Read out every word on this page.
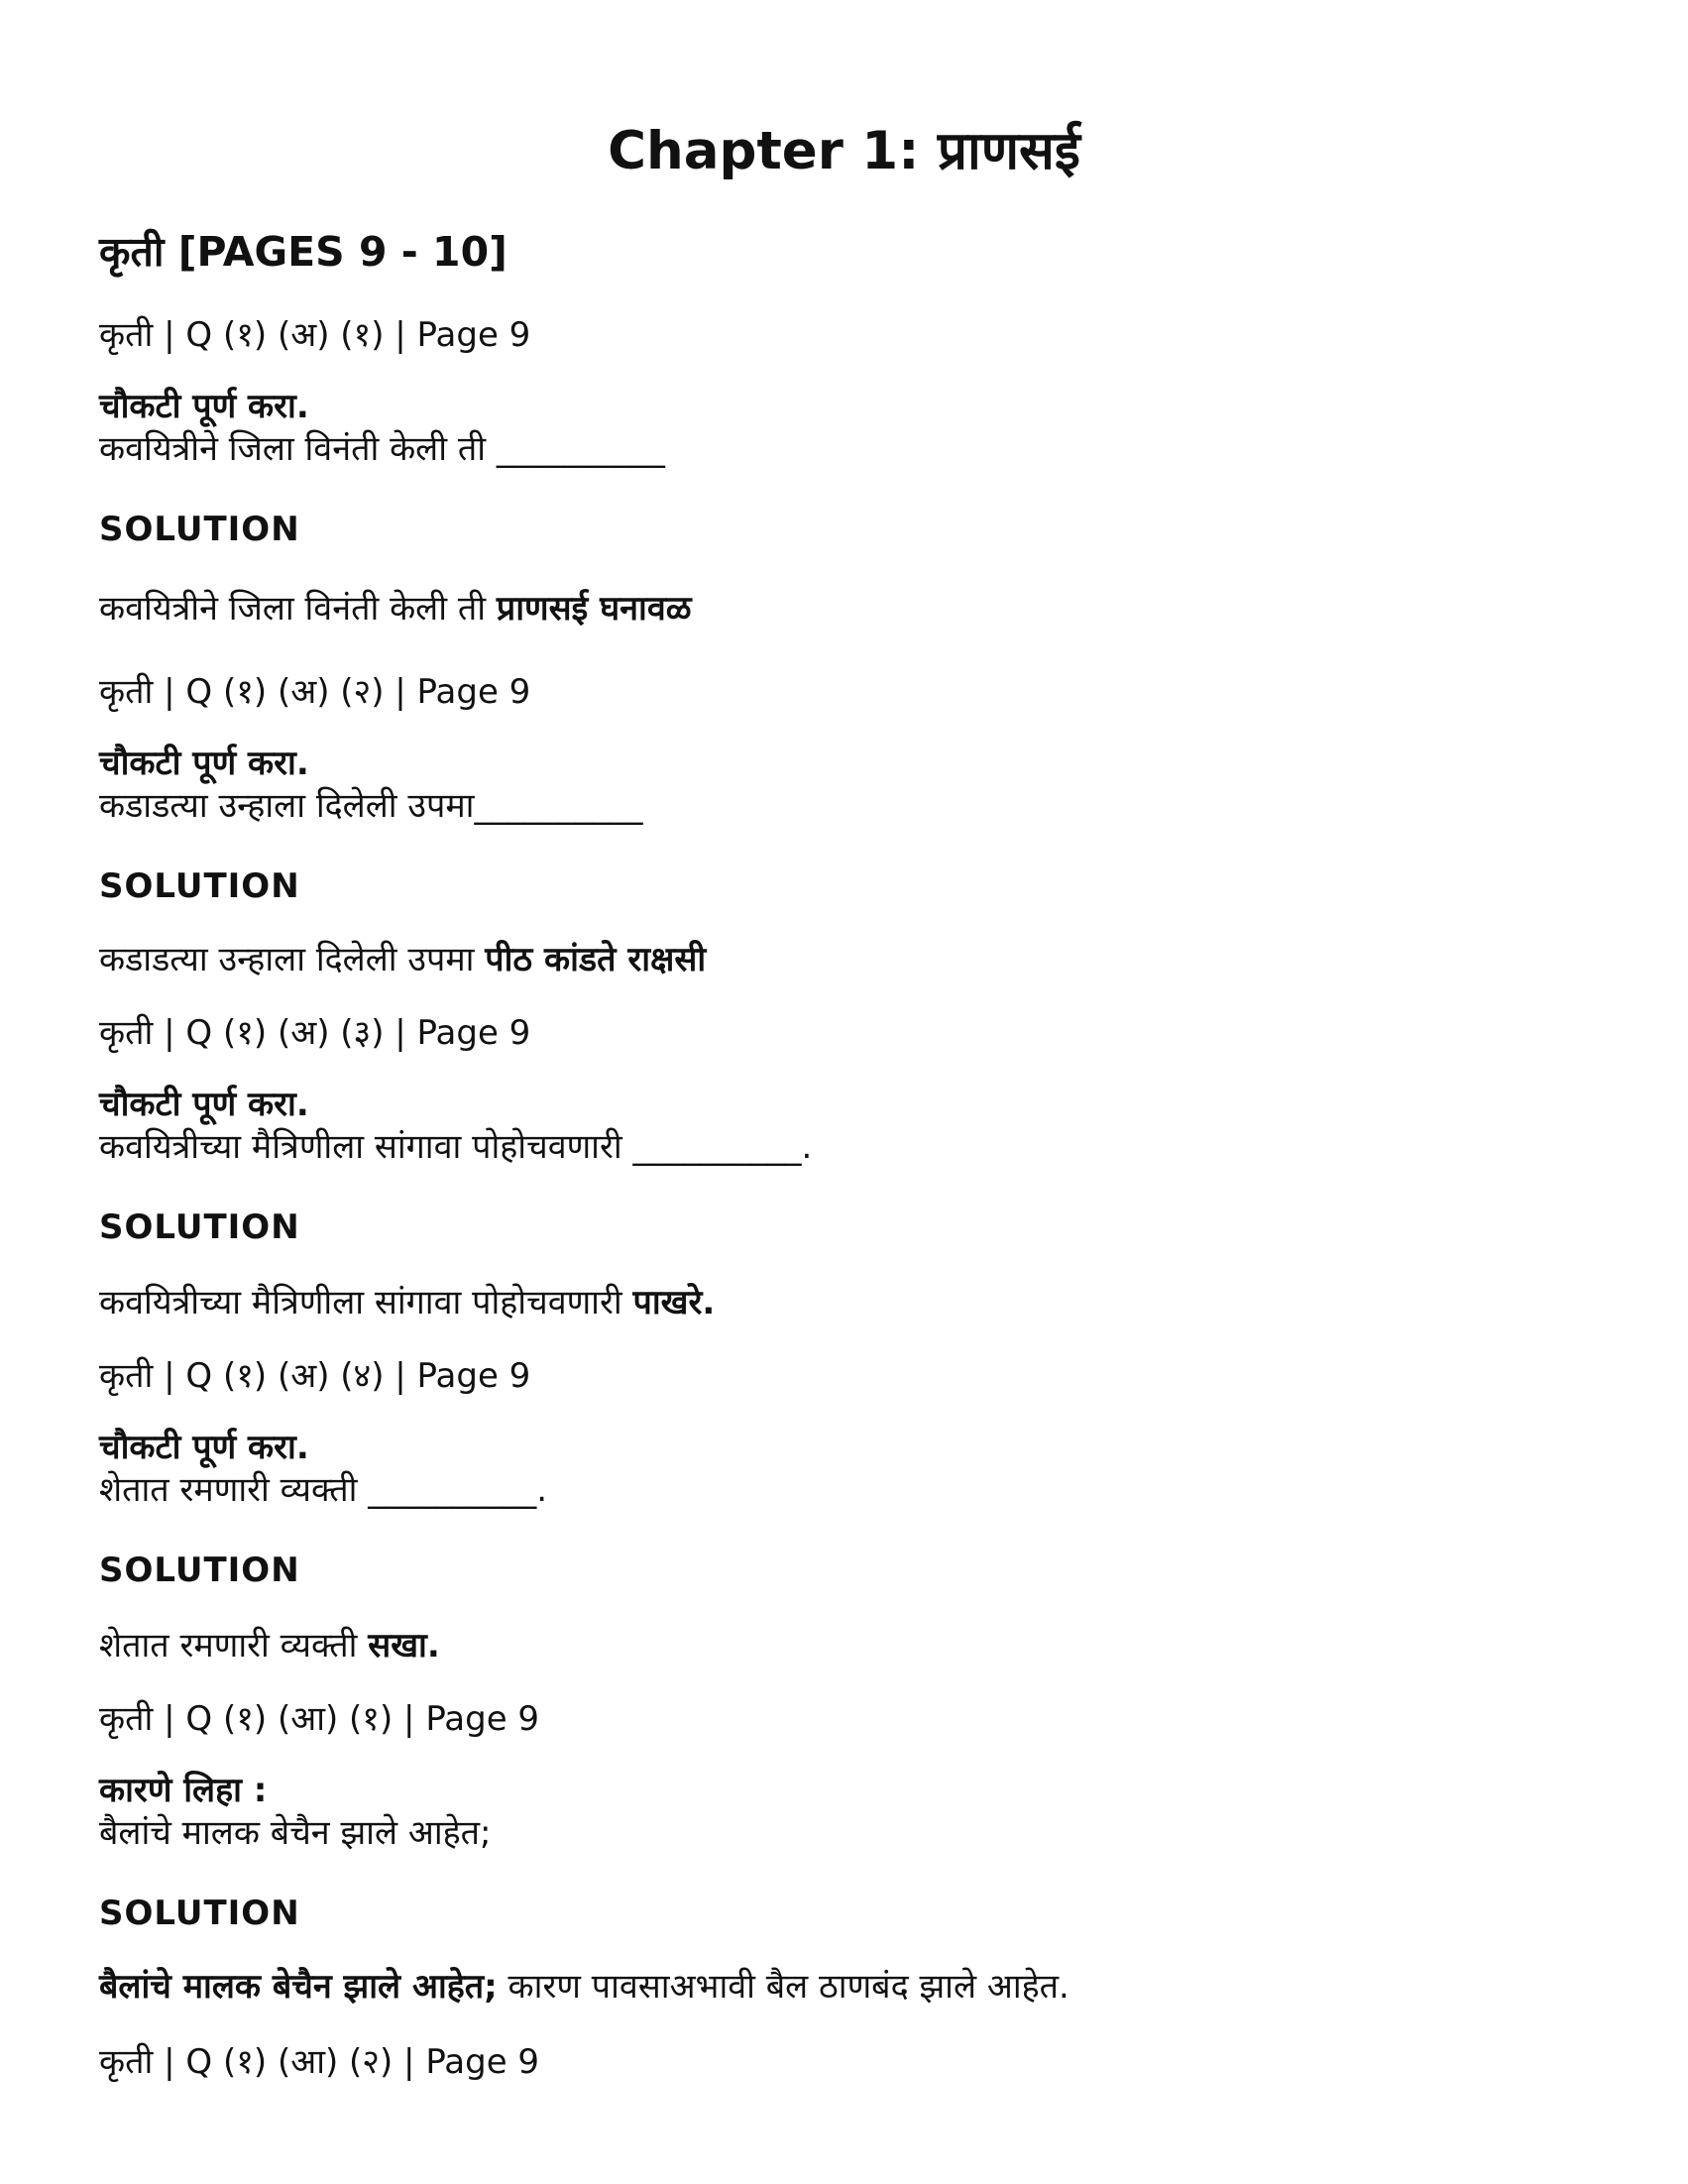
Chapter 1: प्राणसई
कृती [PAGES 9 - 10]
कृती | Q (१) (अ) (१) | Page 9
चौकटी पूर्ण करा.
कवयित्रीने जिला विनंती केली ती __________
SOLUTION
कवयित्रीने जिला विनंती केली ती प्राणसई घनावळ
कृती | Q (१) (अ) (२) | Page 9
चौकटी पूर्ण करा.
कडाडत्या उन्हाला दिलेली उपमा__________
SOLUTION
कडाडत्या उन्हाला दिलेली उपमा पीठ कांडते राक्षसी
कृती | Q (१) (अ) (३) | Page 9
चौकटी पूर्ण करा.
कवयित्रीच्या मैत्रिणीला सांगावा पोहोचवणारी __________.
SOLUTION
कवयित्रीच्या मैत्रिणीला सांगावा पोहोचवणारी पाखरे.
कृती | Q (१) (अ) (४) | Page 9
चौकटी पूर्ण करा.
शेतात रमणारी व्यक्ती __________.
SOLUTION
शेतात रमणारी व्यक्ती सखा.
कृती | Q (१) (आ) (१) | Page 9
कारणे लिहा :
बैलांचे मालक बेचैन झाले आहेत;
SOLUTION
बैलांचे मालक बेचैन झाले आहेत; कारण पावसाअभावी बैल ठाणबंद झाले आहेत.
कृती | Q (१) (आ) (२) | Page 9
